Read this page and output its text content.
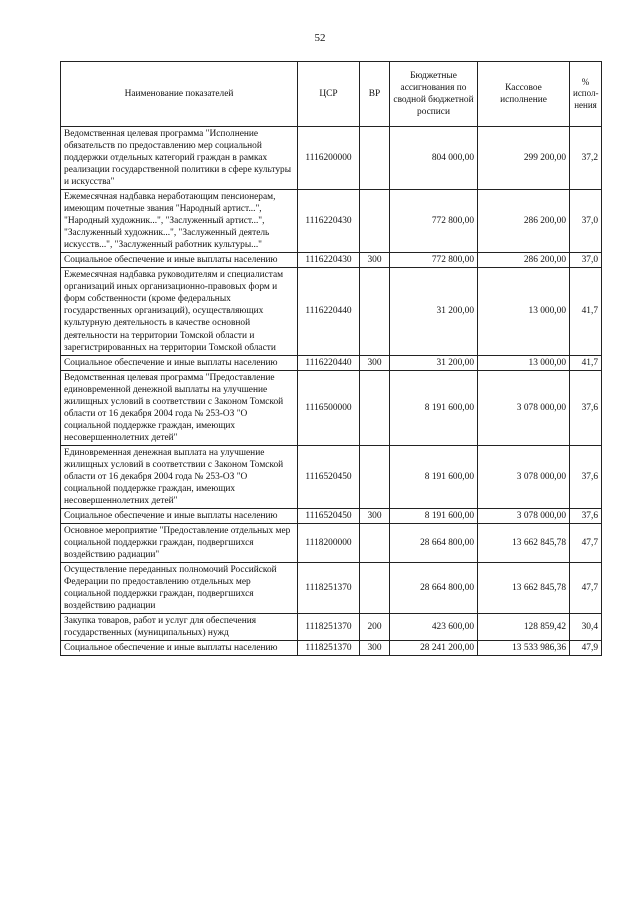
52
Наименование показателей	ЦСР	ВР	Бюджетные ассигнования по сводной бюджетной росписи	Кассовое исполнение	% испол- нения
Ведомственная целевая программа "Исполнение обязательств по предоставлению мер социальной поддержки отдельных категорий граждан в рамках реализации государственной политики в сфере культуры и искусства"	1116200000		804 000,00	299 200,00	37,2
Ежемесячная надбавка неработающим пенсионерам, имеющим почетные звания "Народный артист...", "Народный художник...", "Заслуженный артист...", "Заслуженный художник...", "Заслуженный деятель искусств...", "Заслуженный работник культуры..."	1116220430		772 800,00	286 200,00	37,0
Социальное обеспечение и иные выплаты населению	1116220430	300	772 800,00	286 200,00	37,0
Ежемесячная надбавка руководителям и специалистам организаций иных организационно-правовых форм и форм собственности (кроме федеральных государственных организаций), осуществляющих культурную деятельность в качестве основной деятельности на территории Томской области и зарегистрированных на территории Томской области	1116220440		31 200,00	13 000,00	41,7
Социальное обеспечение и иные выплаты населению	1116220440	300	31 200,00	13 000,00	41,7
Ведомственная целевая программа "Предоставление единовременной денежной выплаты на улучшение жилищных условий в соответствии с Законом Томской области от 16 декабря 2004 года № 253-ОЗ "О социальной поддержке граждан, имеющих несовершеннолетних детей"	1116500000		8 191 600,00	3 078 000,00	37,6
Единовременная денежная выплата на улучшение жилищных условий в соответствии с Законом Томской области от 16 декабря 2004 года № 253-ОЗ "О социальной поддержке граждан, имеющих несовершеннолетних детей"	1116520450		8 191 600,00	3 078 000,00	37,6
Социальное обеспечение и иные выплаты населению	1116520450	300	8 191 600,00	3 078 000,00	37,6
Основное мероприятие "Предоставление отдельных мер социальной поддержки граждан, подвергшихся воздействию радиации"	1118200000		28 664 800,00	13 662 845,78	47,7
Осуществление переданных полномочий Российской Федерации по предоставлению отдельных мер социальной поддержки граждан, подвергшихся воздействию радиации	1118251370		28 664 800,00	13 662 845,78	47,7
Закупка товаров, работ и услуг для обеспечения государственных (муниципальных) нужд	1118251370	200	423 600,00	128 859,42	30,4
Социальное обеспечение и иные выплаты населению	1118251370	300	28 241 200,00	13 533 986,36	47,9
